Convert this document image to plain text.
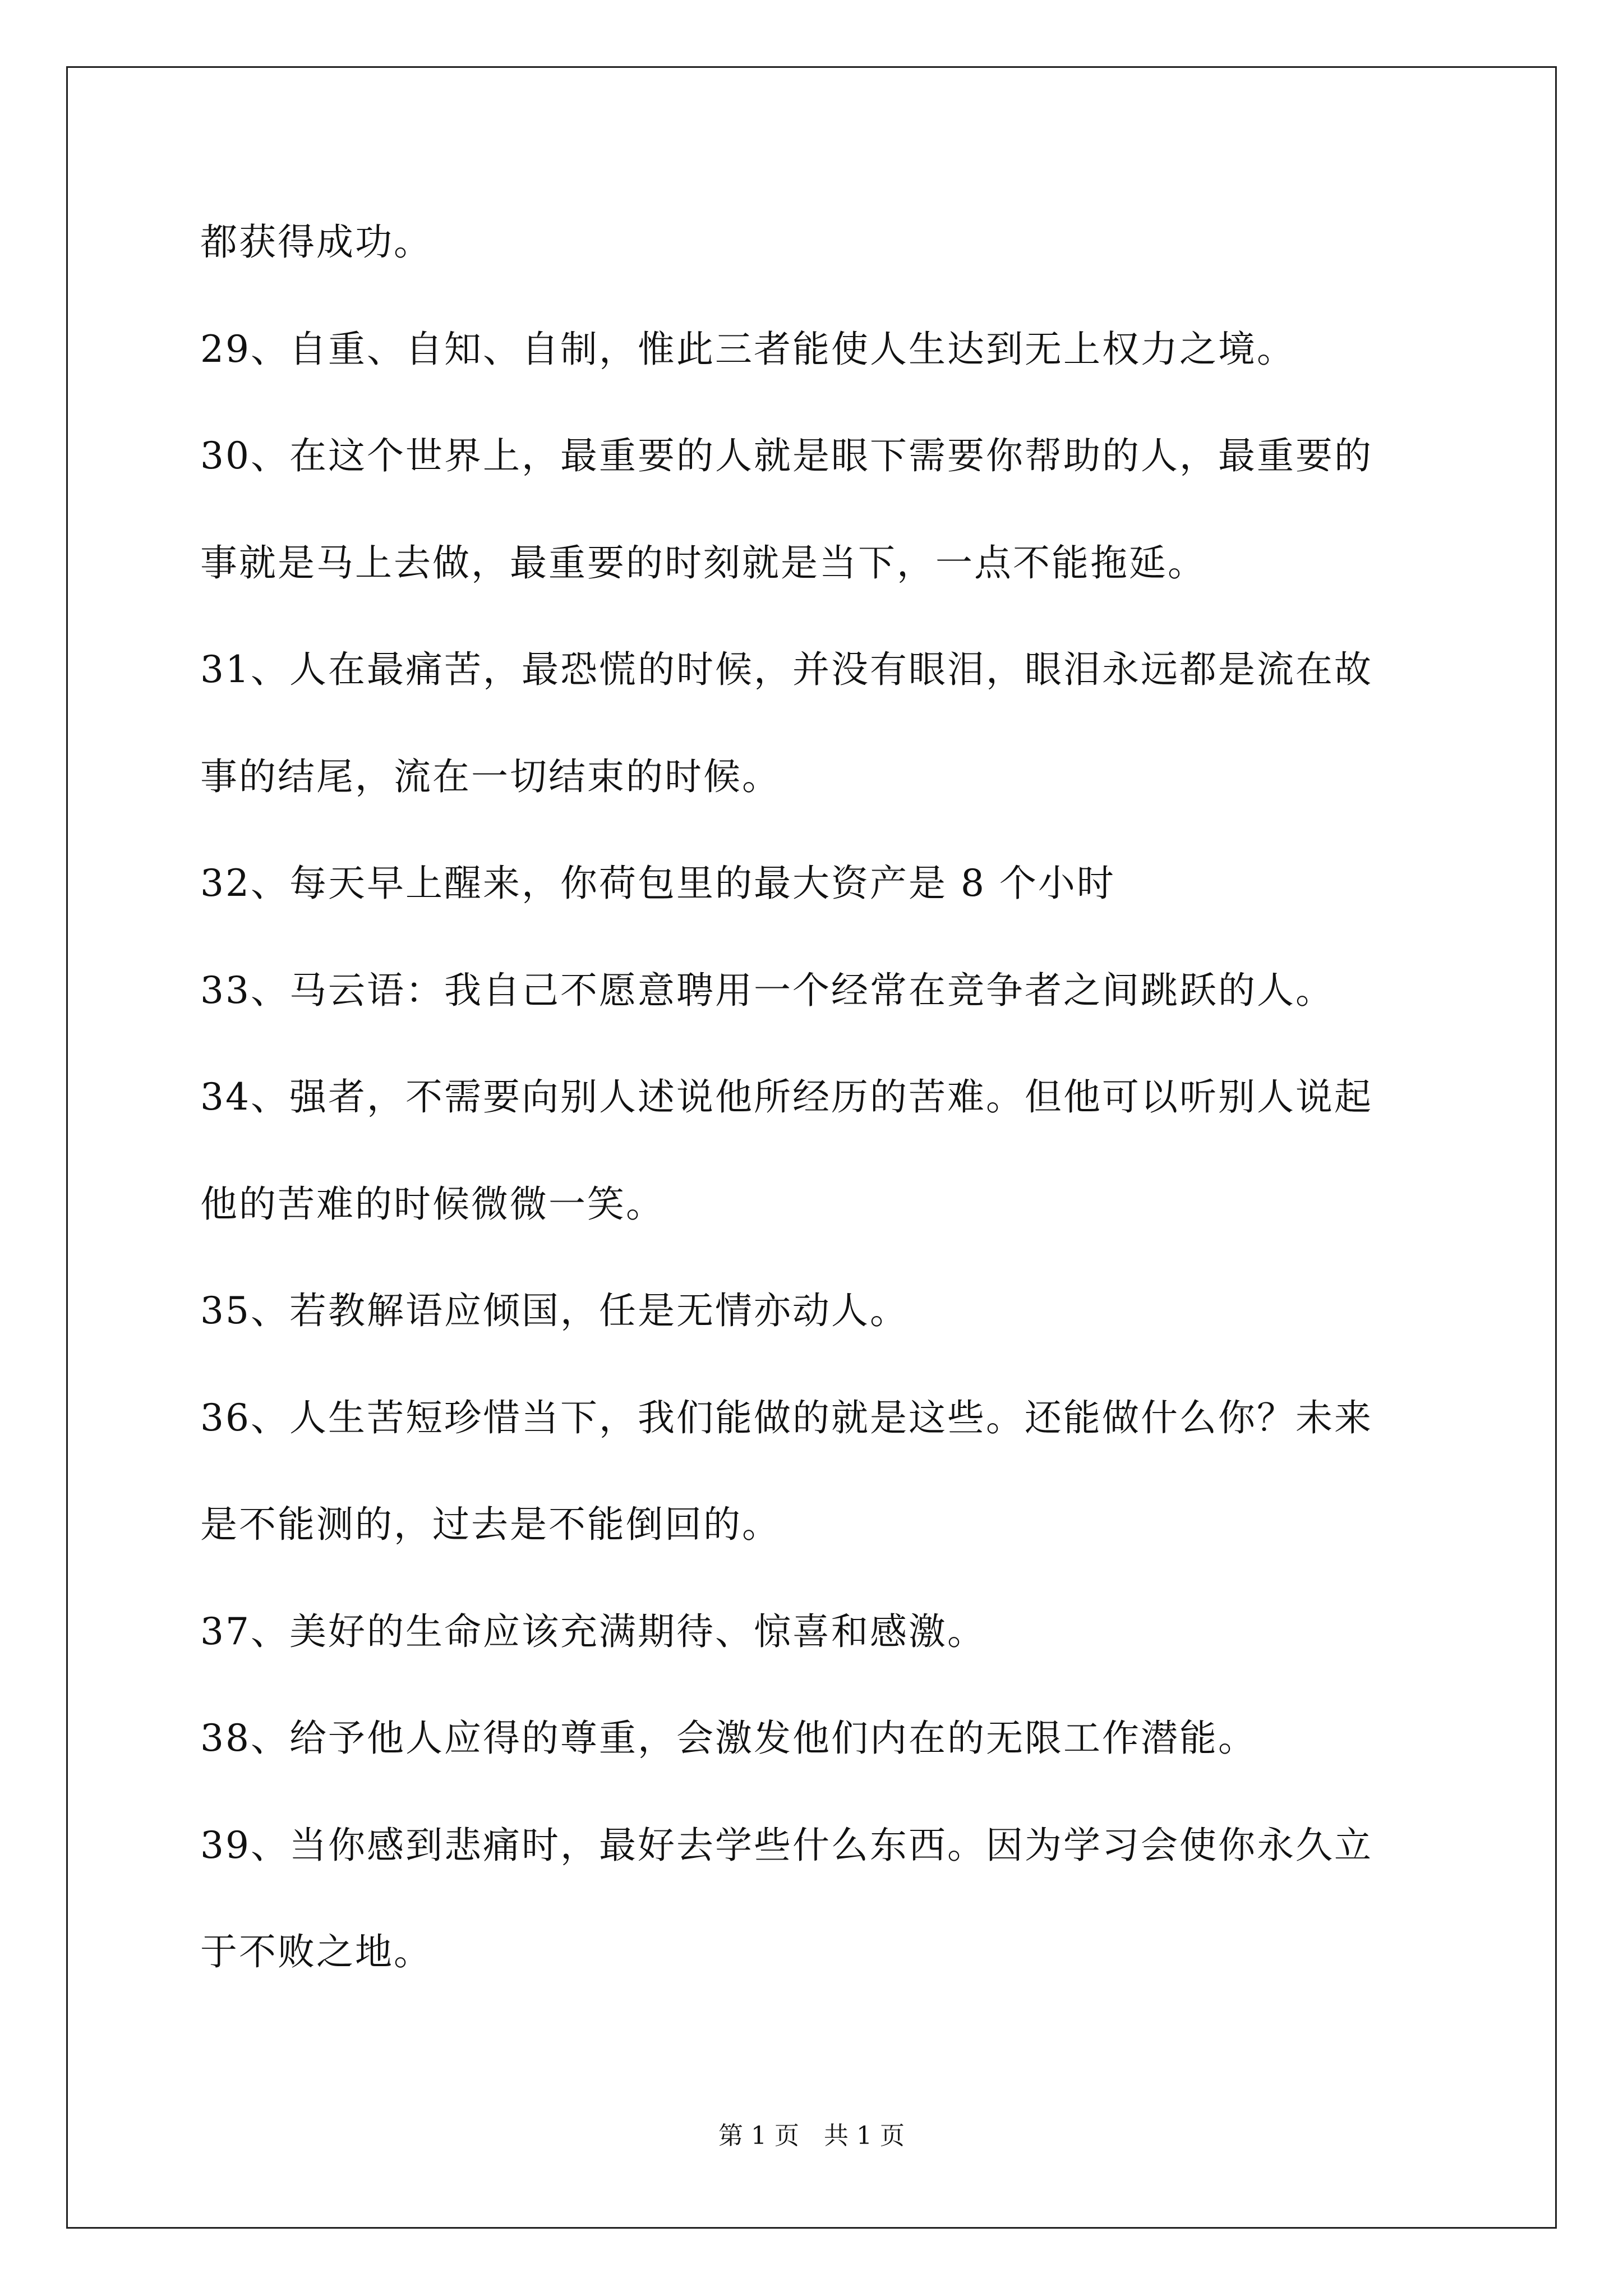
都获得成功。
29、自重、自知、自制，惟此三者能使人生达到无上权力之境。
30、在这个世界上，最重要的人就是眼下需要你帮助的人，最重要的
事就是马上去做，最重要的时刻就是当下，一点不能拖延。
31、人在最痛苦，最恐慌的时候，并没有眼泪，眼泪永远都是流在故
事的结尾，流在一切结束的时候。
32、每天早上醒来，你荷包里的最大资产是 8 个小时
33、马云语：我自己不愿意聘用一个经常在竞争者之间跳跃的人。
34、强者，不需要向别人述说他所经历的苦难。但他可以听别人说起
他的苦难的时候微微一笑。
35、若教解语应倾国，任是无情亦动人。
36、人生苦短珍惜当下，我们能做的就是这些。还能做什么你？未来
是不能测的，过去是不能倒回的。
37、美好的生命应该充满期待、惊喜和感激。
38、给予他人应得的尊重，会激发他们内在的无限工作潜能。
39、当你感到悲痛时，最好去学些什么东西。因为学习会使你永久立
于不败之地。
第 1 页 共 1 页
